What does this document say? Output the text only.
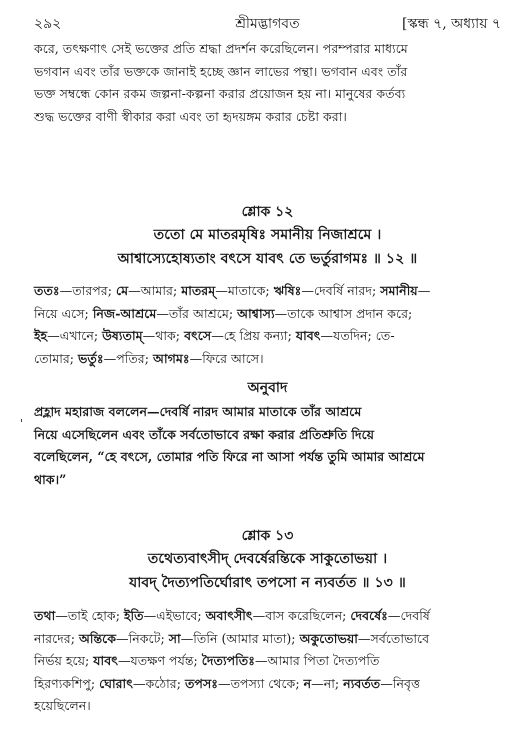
২৯২	শ্রীমদ্ভাগবত	[স্কন্ধ ৭, অধ্যায় ৭

করে, তৎক্ষণাৎ সেই ভক্তের প্রতি শ্রদ্ধা প্রদর্শন করেছিলেন। পরম্পরার মাধ্যমে

ভগবান এবং তাঁর ভক্তকে জানাই হচ্ছে জ্ঞান লাভের পন্থা। ভগবান এবং তাঁর

ভক্ত সম্বন্ধে কোন রকম জল্পনা-কল্পনা করার প্রয়োজন হয় না। মানুষের কর্তব্য

শুদ্ধ ভক্তের বাণী স্বীকার করা এবং তা হৃদয়ঙ্গম করার চেষ্টা করা।

শ্লোক ১২
ততো মে মাতরমৃষিঃ সমানীয় নিজাশ্রমে ।
আশ্বাস্যেহোষ্যতাং বৎসে যাবৎ তে ভর্তুরাগমঃ ॥ ১২ ॥

ততঃ—তারপর; মে—আমার; মাতরম্—মাতাকে; ঋষিঃ—দেবর্ষি নারদ; সমানীয়—

নিয়ে এসে; নিজ-আশ্রমে—তাঁর আশ্রমে; আশ্বাস্য—তাকে আশ্বাস প্রদান করে;

ইহ—এখানে; উষ্যতাম্—থাক; বৎসে—হে প্রিয় কন্যা; যাবৎ—যতদিন; তে-

তোমার; ভর্তুঃ—পতির; আগমঃ—ফিরে আসে।

অনুবাদ
'

প্রহ্লাদ মহারাজ বললেন—দেবর্ষি নারদ আমার মাতাকে তাঁর আশ্রমে

নিয়ে এসেছিলেন এবং তাঁকে সর্বতোভাবে রক্ষা করার প্রতিশ্রুতি দিয়ে

বলেছিলেন, “হে বৎসে, তোমার পতি ফিরে না আসা পর্যন্ত তুমি আমার আশ্রমে

থাক।”

শ্লোক ১৩
তথেত্যবাৎসীদ্ দেবর্ষেরন্তিকে সাকুতোভয়া ।
যাবদ্ দৈত্যপতির্ঘোরাৎ তপসো ন ন্যবর্তত ॥ ১৩ ॥

তথা—তাই হোক; ইতি—এইভাবে; অবাৎসীৎ—বাস করেছিলেন; দেবর্ষেঃ—দেবর্ষি

নারদের; অন্তিকে—নিকটে; সা—তিনি (আমার মাতা); অকুতোভয়া—সর্বতোভাবে

নির্ভয় হয়ে; যাবৎ—যতক্ষণ পর্যন্ত; দৈত্যপতিঃ—আমার পিতা দৈত্যপতি

হিরণ্যকশিপু; ঘোরাৎ—কঠোর; তপসঃ—তপস্যা থেকে; ন—না; ন্যবর্তত—নিবৃত্ত

হয়েছিলেন।
